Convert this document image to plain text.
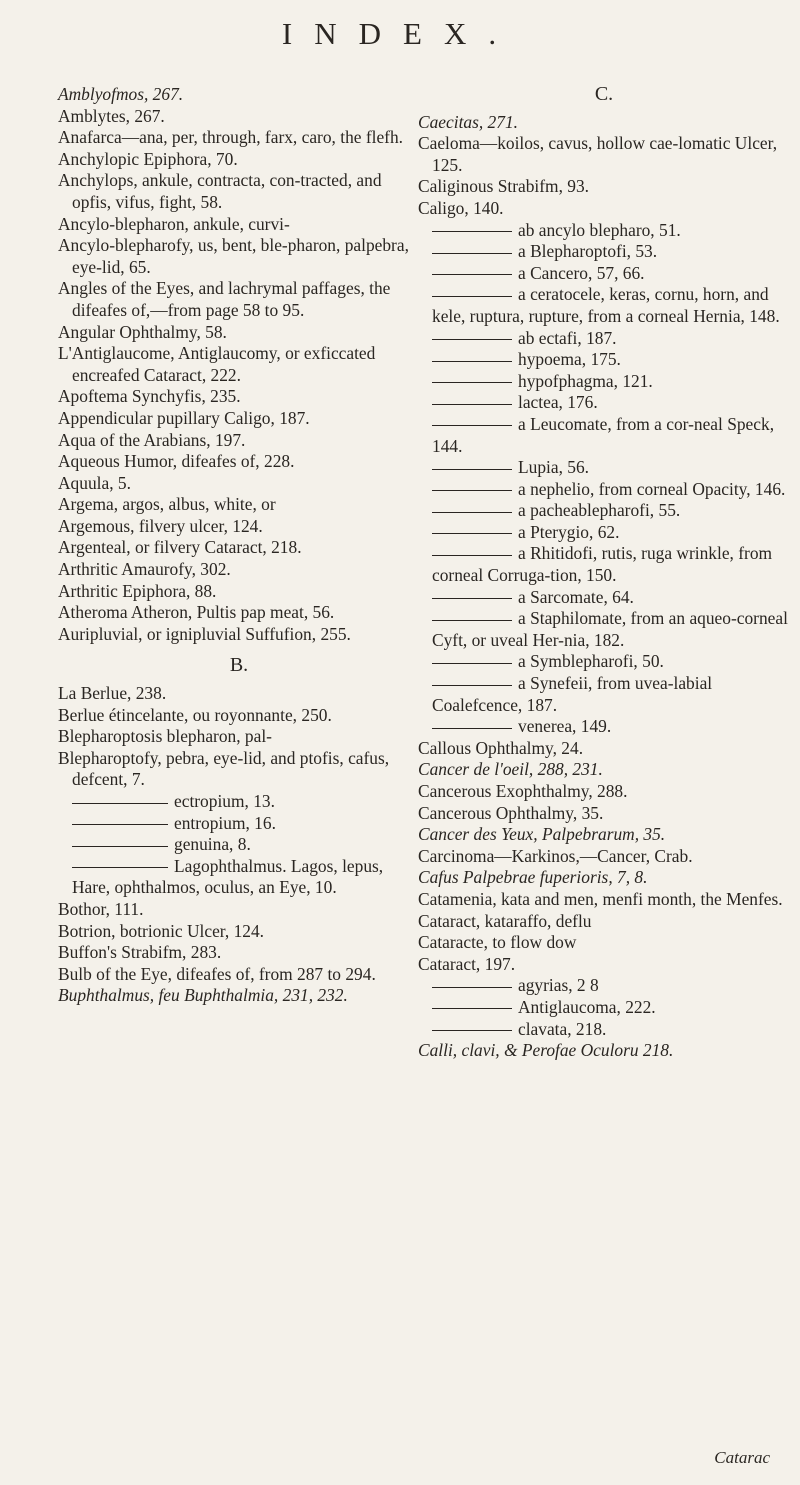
INDEX.

Amblyofmos, 267.

Amblytes, 267.

Anafarca—ana, per, through, farx, caro, the flefh.

Anchylopic Epiphora, 70.

Anchylops, ankule, contracta, con-tracted, and opfis, vifus, fight, 58.

Ancylo-blepharon, ankule, curvi-

Ancylo-blepharofy, us, bent, ble-pharon, palpebra, eye-lid, 65.

Angles of the Eyes, and lachrymal paffages, the difeafes of,—from page 58 to 95.

Angular Ophthalmy, 58.

L'Antiglaucome, Antiglaucomy, or exficcated encreafed Cataract, 222.

Apoftema Synchyfis, 235.

Appendicular pupillary Caligo, 187.

Aqua of the Arabians, 197.

Aqueous Humor, difeafes of, 228.

Aquula, 5.

Argema, argos, albus, white, or

Argemous, filvery ulcer, 124.

Argenteal, or filvery Cataract, 218.

Arthritic Amaurofy, 302.

Arthritic Epiphora, 88.

Atheroma Atheron, Pultis pap meat, 56.

Auripluvial, or ignipluvial Suffufion, 255.

B.

La Berlue, 238.

Berlue étincelante, ou royonnante, 250.

Blepharoptosis blepharon, pal-

Blepharoptofy, pebra, eye-lid, and ptofis, cafus, defcent, 7.

ectropium, 13.

entropium, 16.

genuina, 8.

Lagophthalmus. Lagos, lepus, Hare, ophthalmos, oculus, an Eye, 10.

Bothor, 111.

Botrion, botrionic Ulcer, 124.

Buffon's Strabifm, 283.

Bulb of the Eye, difeafes of, from 287 to 294.

Buphthalmus, feu Buphthalmia, 231, 232.

C.

Caecitas, 271.

Caeloma—koilos, cavus, hollow cae-lomatic Ulcer, 125.

Caliginous Strabifm, 93.

Caligo, 140.

ab ancylo blepharo, 51.

a Blepharoptofi, 53.

a Cancero, 57, 66.

a ceratocele, keras, cornu, horn, and kele, ruptura, rupture, from a corneal Hernia, 148.

ab ectafi, 187.

hypoema, 175.

hypofphagma, 121.

lactea, 176.

a Leucomate, from a cor-neal Speck, 144.

Lupia, 56.

a nephelio, from corneal Opacity, 146.

a pacheablepharofi, 55.

a Pterygio, 62.

a Rhitidofi, rutis, ruga wrinkle, from corneal Corruga-tion, 150.

a Sarcomate, 64.

a Staphilomate, from an aqueo-corneal Cyft, or uveal Her-nia, 182.

a Symblepharofi, 50.

a Synefeii, from uvea-labial Coalefcence, 187.

venerea, 149.

Callous Ophthalmy, 24.

Cancer de l'oeil, 288, 231.

Cancerous Exophthalmy, 288.

Cancerous Ophthalmy, 35.

Cancer des Yeux, Palpebrarum, 35.

Carcinoma—Karkinos,—Cancer, Crab.

Cafus Palpebrae fuperioris, 7, 8.

Catamenia, kata and men, menfi month, the Menfes.

Cataract, kataraffo, deflu

Cataracte, to flow dow

Cataract, 197.

agyrias, 2 8

Antiglaucoma, 222.

clavata, 218.

Calli, clavi, & Perofae Oculoru 218.

Catarac
